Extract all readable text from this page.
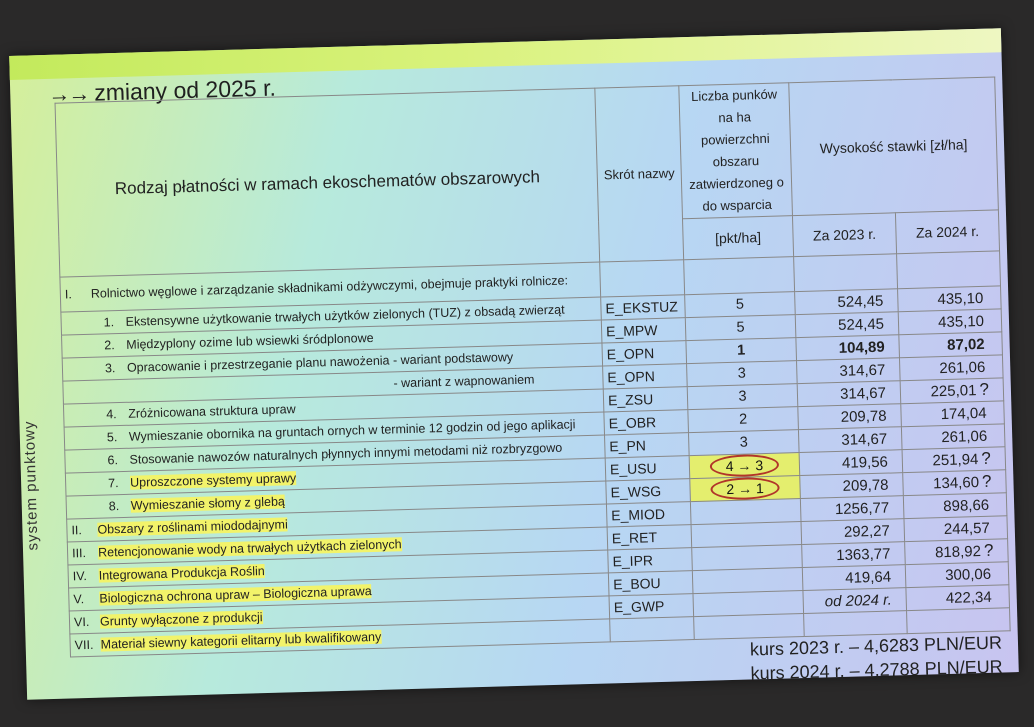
→→ zmiany od 2025 r.
system punktowy
Rodzaj płatności w ramach ekoschematów obszarowych	Skrót nazwy	Liczba punków na ha powierzchni obszaru zatwierdzoneg o do wsparcia	Wysokość stawki [zł/ha]	
		[pkt/ha]	Za 2023 r.	Za 2024 r.
I. Rolnictwo węglowe i zarządzanie składnikami odżywczymi, obejmuje praktyki rolnicze:				
1. Ekstensywne użytkowanie trwałych użytków zielonych (TUZ) z obsadą zwierząt	E_EKSTUZ	5	524,45	435,10
2. Międzyplony ozime lub wsiewki śródplonowe	E_MPW	5	524,45	435,10
3. Opracowanie i przestrzeganie planu nawożenia - wariant podstawowy	E_OPN	1	104,89	87,02
- wariant z wapnowaniem	E_OPN	3	314,67	261,06
4. Zróżnicowana struktura upraw	E_ZSU	3	314,67	225,01 ?
5. Wymieszanie obornika na gruntach ornych w terminie 12 godzin od jego aplikacji	E_OBR	2	209,78	174,04
6. Stosowanie nawozów naturalnych płynnych innymi metodami niż rozbryzgowo	E_PN	3	314,67	261,06
7. Uproszczone systemy uprawy	E_USU	4 → 3	419,56	251,94 ?
8. Wymieszanie słomy z glebą	E_WSG	2 → 1	209,78	134,60 ?
II. Obszary z roślinami miododajnymi	E_MIOD		1256,77	898,66
III. Retencjonowanie wody na trwałych użytkach zielonych	E_RET		292,27	244,57
IV. Integrowana Produkcja Roślin	E_IPR		1363,77	818,92 ?
V. Biologiczna ochrona upraw – Biologiczna uprawa	E_BOU		419,64	300,06
VI. Grunty wyłączone z produkcji	E_GWP		od 2024 r.	422,34
VII. Materiał siewny kategorii elitarny lub kwalifikowany					kurs 2023 r. – 4,6283 PLN/EUR
kurs 2024 r. – 4,2788 PLN/EUR
